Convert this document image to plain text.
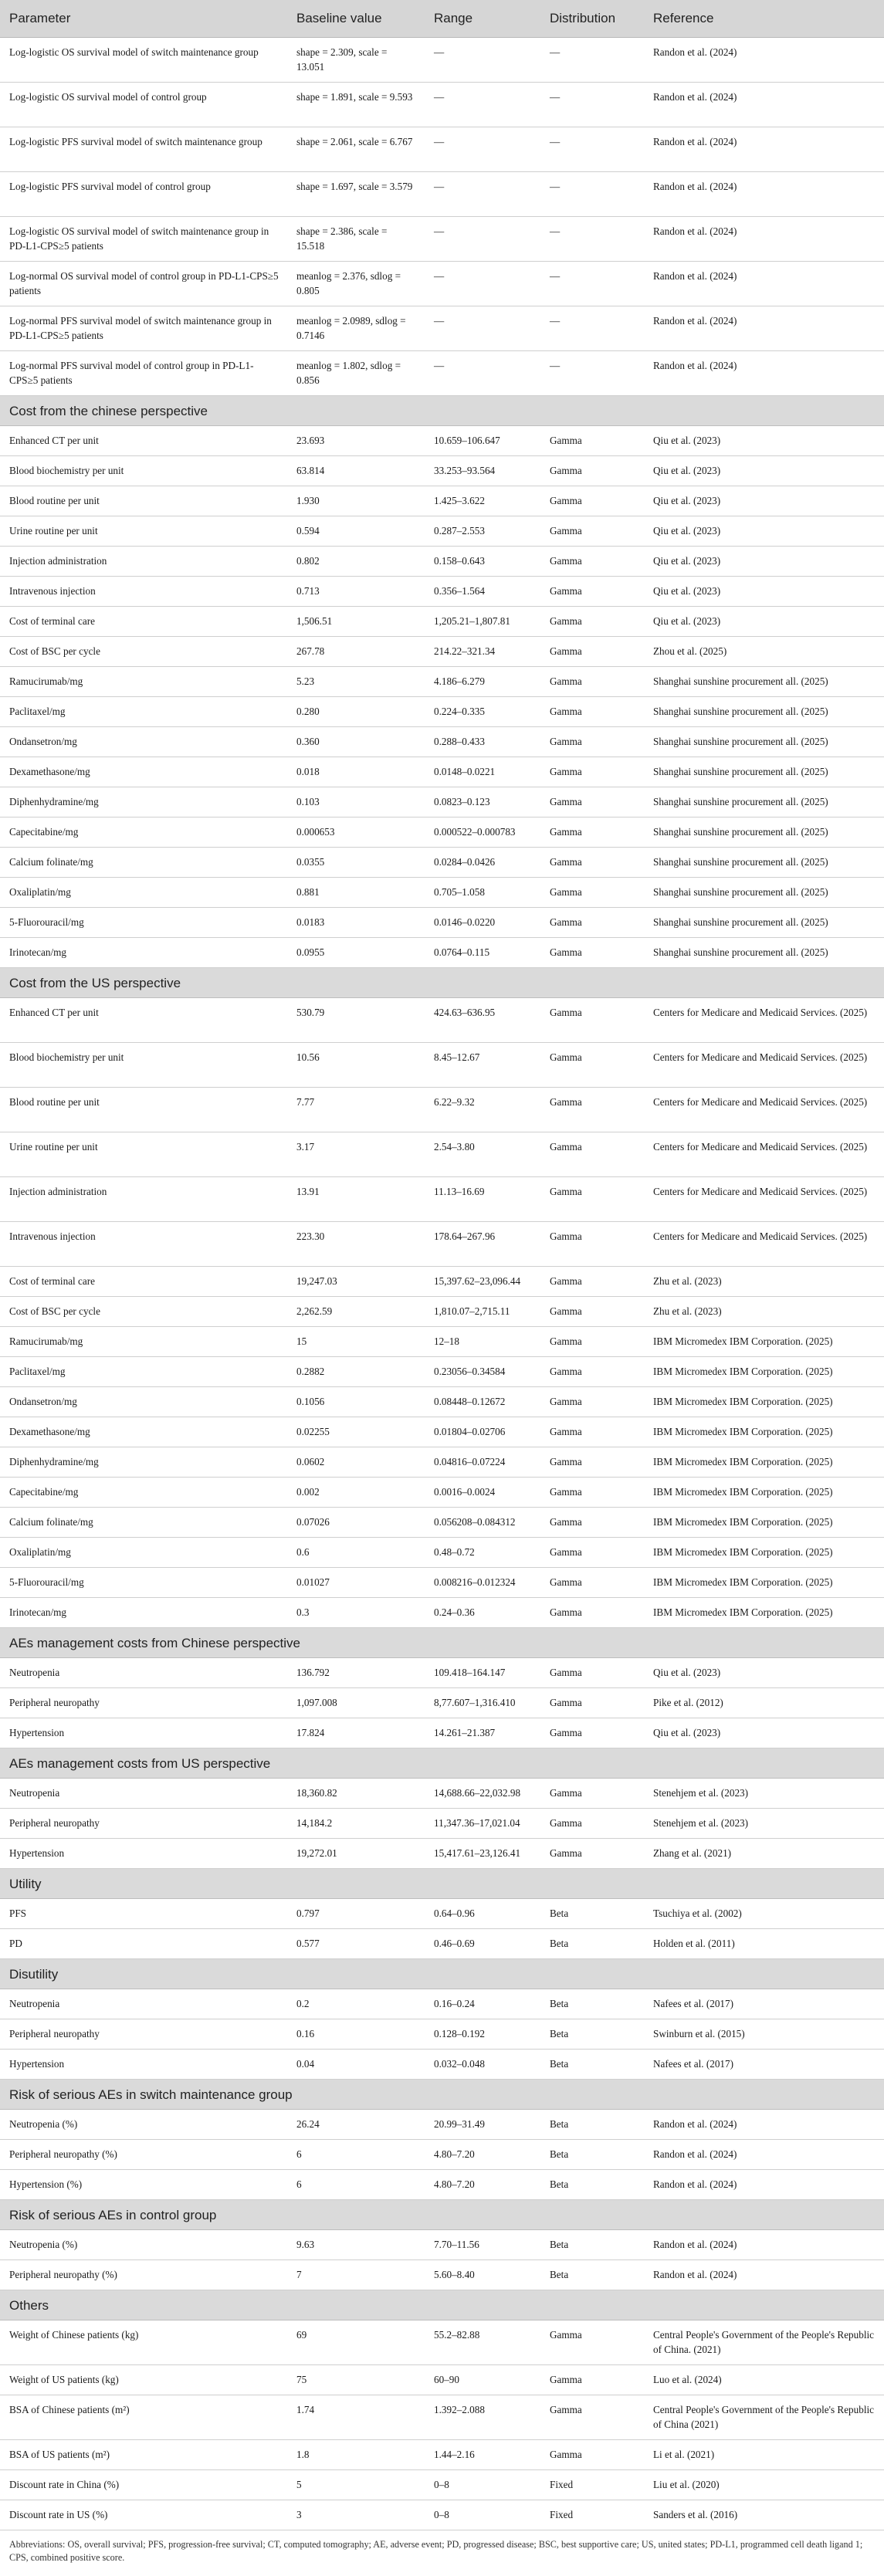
Parameter	Baseline value	Range	Distribution	Reference
Log-logistic OS survival model of switch maintenance group	shape = 2.309, scale = 13.051	—	—	Randon et al. (2024)
Log-logistic OS survival model of control group	shape = 1.891, scale = 9.593	—	—	Randon et al. (2024)
Log-logistic PFS survival model of switch maintenance group	shape = 2.061, scale = 6.767	—	—	Randon et al. (2024)
Log-logistic PFS survival model of control group	shape = 1.697, scale = 3.579	—	—	Randon et al. (2024)
Log-logistic OS survival model of switch maintenance group in PD-L1-CPS≥5 patients	shape = 2.386, scale = 15.518	—	—	Randon et al. (2024)
Log-normal OS survival model of control group in PD-L1-CPS≥5 patients	meanlog = 2.376, sdlog = 0.805	—	—	Randon et al. (2024)
Log-normal PFS survival model of switch maintenance group in PD-L1-CPS≥5 patients	meanlog = 2.0989, sdlog = 0.7146	—	—	Randon et al. (2024)
Log-normal PFS survival model of control group in PD-L1-CPS≥5 patients	meanlog = 1.802, sdlog = 0.856	—	—	Randon et al. (2024)
Cost from the chinese perspective				
Enhanced CT per unit	23.693	10.659–106.647	Gamma	Qiu et al. (2023)
Blood biochemistry per unit	63.814	33.253–93.564	Gamma	Qiu et al. (2023)
Blood routine per unit	1.930	1.425–3.622	Gamma	Qiu et al. (2023)
Urine routine per unit	0.594	0.287–2.553	Gamma	Qiu et al. (2023)
Injection administration	0.802	0.158–0.643	Gamma	Qiu et al. (2023)
Intravenous injection	0.713	0.356–1.564	Gamma	Qiu et al. (2023)
Cost of terminal care	1,506.51	1,205.21–1,807.81	Gamma	Qiu et al. (2023)
Cost of BSC per cycle	267.78	214.22–321.34	Gamma	Zhou et al. (2025)
Ramucirumab/mg	5.23	4.186–6.279	Gamma	Shanghai sunshine procurement all. (2025)
Paclitaxel/mg	0.280	0.224–0.335	Gamma	Shanghai sunshine procurement all. (2025)
Ondansetron/mg	0.360	0.288–0.433	Gamma	Shanghai sunshine procurement all. (2025)
Dexamethasone/mg	0.018	0.0148–0.0221	Gamma	Shanghai sunshine procurement all. (2025)
Diphenhydramine/mg	0.103	0.0823–0.123	Gamma	Shanghai sunshine procurement all. (2025)
Capecitabine/mg	0.000653	0.000522–0.000783	Gamma	Shanghai sunshine procurement all. (2025)
Calcium folinate/mg	0.0355	0.0284–0.0426	Gamma	Shanghai sunshine procurement all. (2025)
Oxaliplatin/mg	0.881	0.705–1.058	Gamma	Shanghai sunshine procurement all. (2025)
5-Fluorouracil/mg	0.0183	0.0146–0.0220	Gamma	Shanghai sunshine procurement all. (2025)
Irinotecan/mg	0.0955	0.0764–0.115	Gamma	Shanghai sunshine procurement all. (2025)
Cost from the US perspective				
Enhanced CT per unit	530.79	424.63–636.95	Gamma	Centers for Medicare and Medicaid Services. (2025)
Blood biochemistry per unit	10.56	8.45–12.67	Gamma	Centers for Medicare and Medicaid Services. (2025)
Blood routine per unit	7.77	6.22–9.32	Gamma	Centers for Medicare and Medicaid Services. (2025)
Urine routine per unit	3.17	2.54–3.80	Gamma	Centers for Medicare and Medicaid Services. (2025)
Injection administration	13.91	11.13–16.69	Gamma	Centers for Medicare and Medicaid Services. (2025)
Intravenous injection	223.30	178.64–267.96	Gamma	Centers for Medicare and Medicaid Services. (2025)
Cost of terminal care	19,247.03	15,397.62–23,096.44	Gamma	Zhu et al. (2023)
Cost of BSC per cycle	2,262.59	1,810.07–2,715.11	Gamma	Zhu et al. (2023)
Ramucirumab/mg	15	12–18	Gamma	IBM Micromedex IBM Corporation. (2025)
Paclitaxel/mg	0.2882	0.23056–0.34584	Gamma	IBM Micromedex IBM Corporation. (2025)
Ondansetron/mg	0.1056	0.08448–0.12672	Gamma	IBM Micromedex IBM Corporation. (2025)
Dexamethasone/mg	0.02255	0.01804–0.02706	Gamma	IBM Micromedex IBM Corporation. (2025)
Diphenhydramine/mg	0.0602	0.04816–0.07224	Gamma	IBM Micromedex IBM Corporation. (2025)
Capecitabine/mg	0.002	0.0016–0.0024	Gamma	IBM Micromedex IBM Corporation. (2025)
Calcium folinate/mg	0.07026	0.056208–0.084312	Gamma	IBM Micromedex IBM Corporation. (2025)
Oxaliplatin/mg	0.6	0.48–0.72	Gamma	IBM Micromedex IBM Corporation. (2025)
5-Fluorouracil/mg	0.01027	0.008216–0.012324	Gamma	IBM Micromedex IBM Corporation. (2025)
Irinotecan/mg	0.3	0.24–0.36	Gamma	IBM Micromedex IBM Corporation. (2025)
AEs management costs from Chinese perspective				
Neutropenia	136.792	109.418–164.147	Gamma	Qiu et al. (2023)
Peripheral neuropathy	1,097.008	8,77.607–1,316.410	Gamma	Pike et al. (2012)
Hypertension	17.824	14.261–21.387	Gamma	Qiu et al. (2023)
AEs management costs from US perspective				
Neutropenia	18,360.82	14,688.66–22,032.98	Gamma	Stenehjem et al. (2023)
Peripheral neuropathy	14,184.2	11,347.36–17,021.04	Gamma	Stenehjem et al. (2023)
Hypertension	19,272.01	15,417.61–23,126.41	Gamma	Zhang et al. (2021)
Utility				
PFS	0.797	0.64–0.96	Beta	Tsuchiya et al. (2002)
PD	0.577	0.46–0.69	Beta	Holden et al. (2011)
Disutility				
Neutropenia	0.2	0.16–0.24	Beta	Nafees et al. (2017)
Peripheral neuropathy	0.16	0.128–0.192	Beta	Swinburn et al. (2015)
Hypertension	0.04	0.032–0.048	Beta	Nafees et al. (2017)
Risk of serious AEs in switch maintenance group				
Neutropenia (%)	26.24	20.99–31.49	Beta	Randon et al. (2024)
Peripheral neuropathy (%)	6	4.80–7.20	Beta	Randon et al. (2024)
Hypertension (%)	6	4.80–7.20	Beta	Randon et al. (2024)
Risk of serious AEs in control group				
Neutropenia (%)	9.63	7.70–11.56	Beta	Randon et al. (2024)
Peripheral neuropathy (%)	7	5.60–8.40	Beta	Randon et al. (2024)
Others				
Weight of Chinese patients (kg)	69	55.2–82.88	Gamma	Central People's Government of the People's Republic of China. (2021)
Weight of US patients (kg)	75	60–90	Gamma	Luo et al. (2024)
BSA of Chinese patients (m²)	1.74	1.392–2.088	Gamma	Central People's Government of the People's Republic of China (2021)
BSA of US patients (m²)	1.8	1.44–2.16	Gamma	Li et al. (2021)
Discount rate in China (%)	5	0–8	Fixed	Liu et al. (2020)
Discount rate in US (%)	3	0–8	Fixed	Sanders et al. (2016)
Abbreviations: OS, overall survival; PFS, progression-free survival; CT, computed tomography; AE, adverse event; PD, progressed disease; BSC, best supportive care; US, united states; PD-L1, programmed cell death ligand 1; CPS, combined positive score.
